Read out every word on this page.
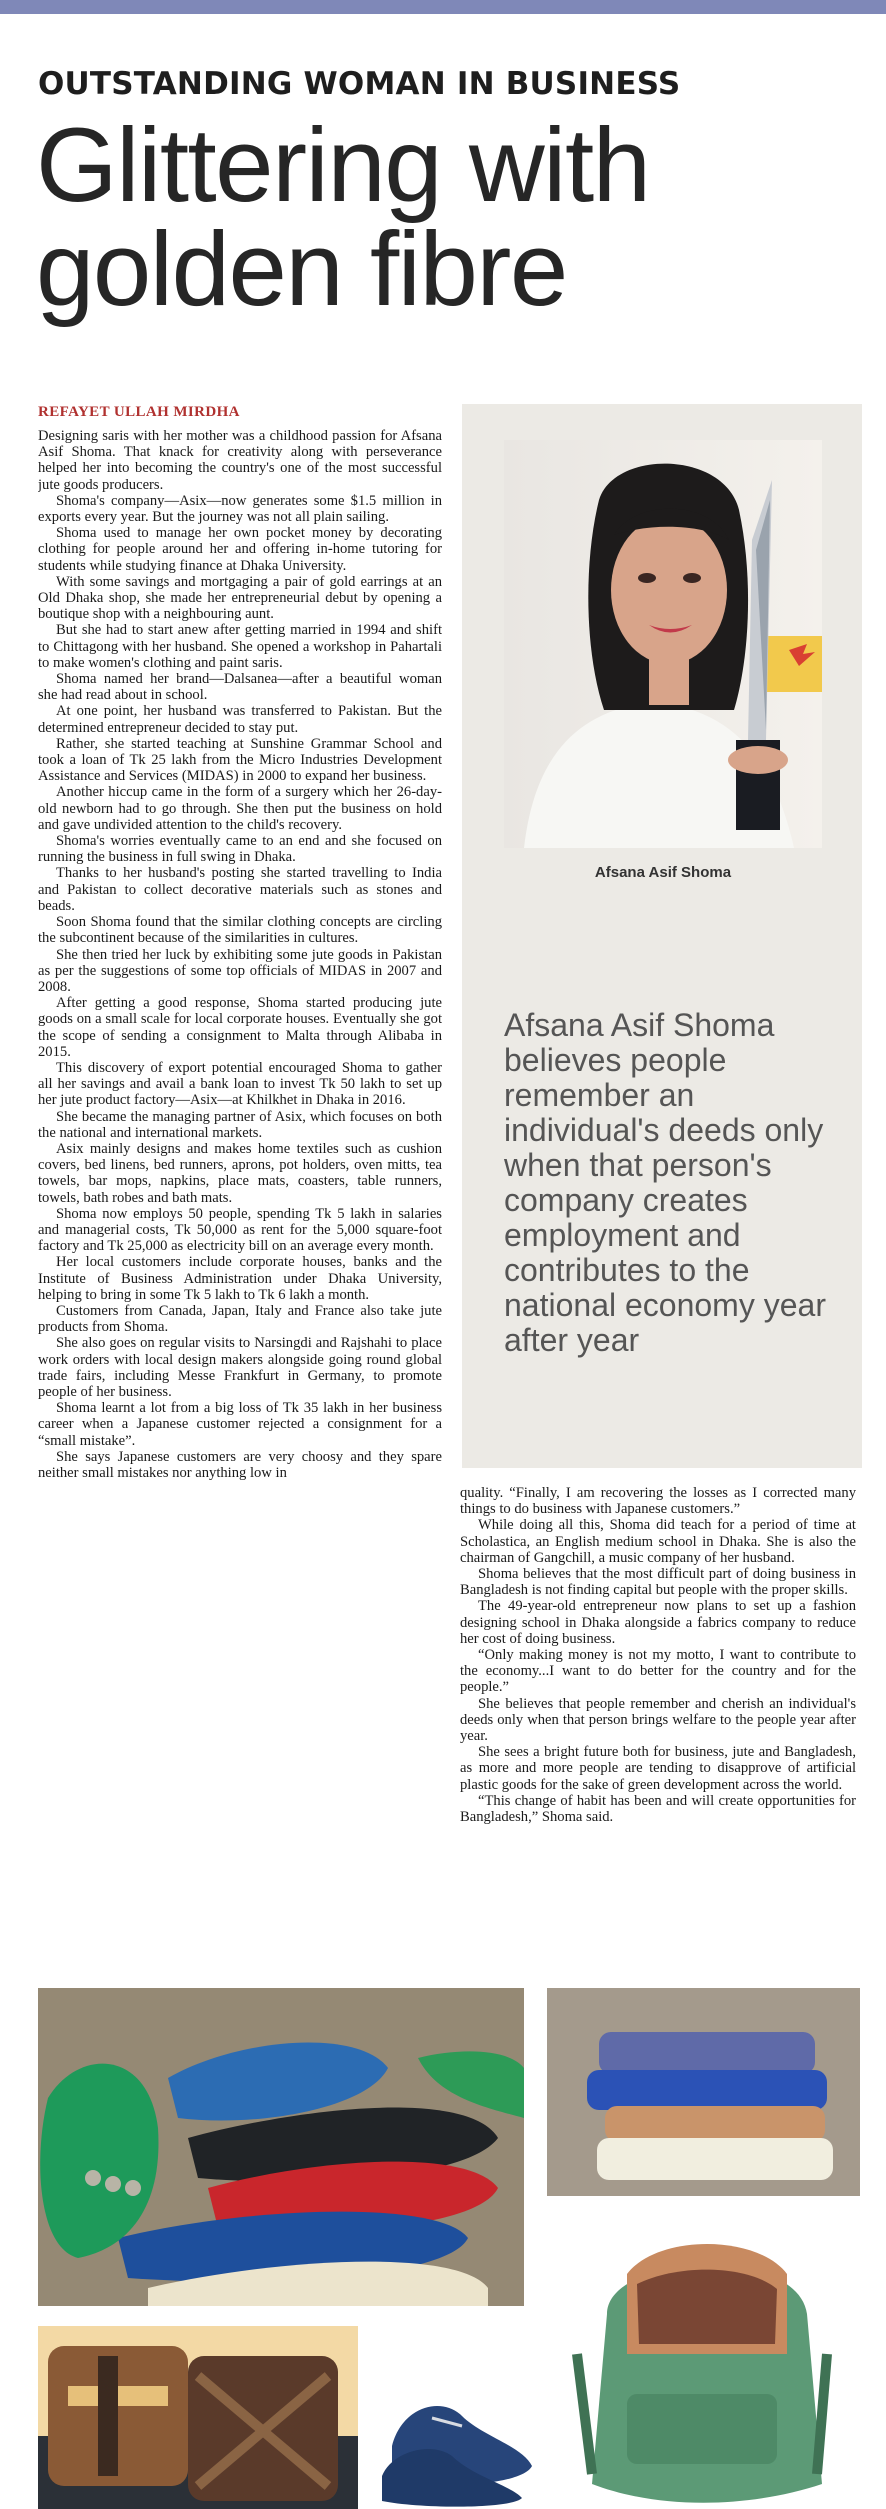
OUTSTANDING WOMAN IN BUSINESS
Glittering with
golden fibre
REFAYET ULLAH MIRDHA

Designing saris with her mother was a childhood passion for Afsana Asif Shoma. That knack for creativity along with perseverance helped her into becoming the country's one of the most successful jute goods producers.

Shoma's company—Asix—now generates some $1.5 million in exports every year. But the journey was not all plain sailing.

Shoma used to manage her own pocket money by decorating clothing for people around her and offering in-home tutoring for students while studying finance at Dhaka University.

With some savings and mortgaging a pair of gold earrings at an Old Dhaka shop, she made her entrepreneurial debut by opening a boutique shop with a neighbouring aunt.

But she had to start anew after getting married in 1994 and shift to Chittagong with her husband. She opened a workshop in Pahartali to make women's clothing and paint saris.

Shoma named her brand—Dalsanea—after a beautiful woman she had read about in school.

At one point, her husband was transferred to Pakistan. But the determined entrepreneur decided to stay put.

Rather, she started teaching at Sunshine Grammar School and took a loan of Tk 25 lakh from the Micro Industries Development Assistance and Services (MIDAS) in 2000 to expand her business.

Another hiccup came in the form of a surgery which her 26-day-old newborn had to go through. She then put the business on hold and gave undivided attention to the child's recovery.

Shoma's worries eventually came to an end and she focused on running the business in full swing in Dhaka.

Thanks to her husband's posting she started travelling to India and Pakistan to collect decorative materials such as stones and beads.

Soon Shoma found that the similar clothing concepts are circling the subcontinent because of the similarities in cultures.

She then tried her luck by exhibiting some jute goods in Pakistan as per the suggestions of some top officials of MIDAS in 2007 and 2008.

After getting a good response, Shoma started producing jute goods on a small scale for local corporate houses. Eventually she got the scope of sending a consignment to Malta through Alibaba in 2015.

This discovery of export potential encouraged Shoma to gather all her savings and avail a bank loan to invest Tk 50 lakh to set up her jute product factory—Asix—at Khilkhet in Dhaka in 2016.

She became the managing partner of Asix, which focuses on both the national and international markets.

Asix mainly designs and makes home textiles such as cushion covers, bed linens, bed runners, aprons, pot holders, oven mitts, tea towels, bar mops, napkins, place mats, coasters, table runners, towels, bath robes and bath mats.

Shoma now employs 50 people, spending Tk 5 lakh in salaries and managerial costs, Tk 50,000 as rent for the 5,000 square-foot factory and Tk 25,000 as electricity bill on an average every month.

Her local customers include corporate houses, banks and the Institute of Business Administration under Dhaka University, helping to bring in some Tk 5 lakh to Tk 6 lakh a month.

Customers from Canada, Japan, Italy and France also take jute products from Shoma.

She also goes on regular visits to Narsingdi and Rajshahi to place work orders with local design makers alongside going round global trade fairs, including Messe Frankfurt in Germany, to promote people of her business.

Shoma learnt a lot from a big loss of Tk 35 lakh in her business career when a Japanese customer rejected a consignment for a “small mistake”.

She says Japanese customers are very choosy and they spare neither small mistakes nor anything low in

Afsana Asif Shoma
Afsana Asif Shoma believes people remember an individual's deeds only when that person's company creates employment and contributes to the national economy year after year

quality. “Finally, I am recovering the losses as I corrected many things to do business with Japanese customers.”

While doing all this, Shoma did teach for a period of time at Scholastica, an English medium school in Dhaka. She is also the chairman of Gangchill, a music company of her husband.

Shoma believes that the most difficult part of doing business in Bangladesh is not finding capital but people with the proper skills.

The 49-year-old entrepreneur now plans to set up a fashion designing school in Dhaka alongside a fabrics company to reduce her cost of doing business.

“Only making money is not my motto, I want to contribute to the economy...I want to do better for the country and for the people.”

She believes that people remember and cherish an individual's deeds only when that person brings welfare to the people year after year.

She sees a bright future both for business, jute and Bangladesh, as more and more people are tending to disapprove of artificial plastic goods for the sake of green development across the world.

“This change of habit has been and will create opportunities for Bangladesh,” Shoma said.
